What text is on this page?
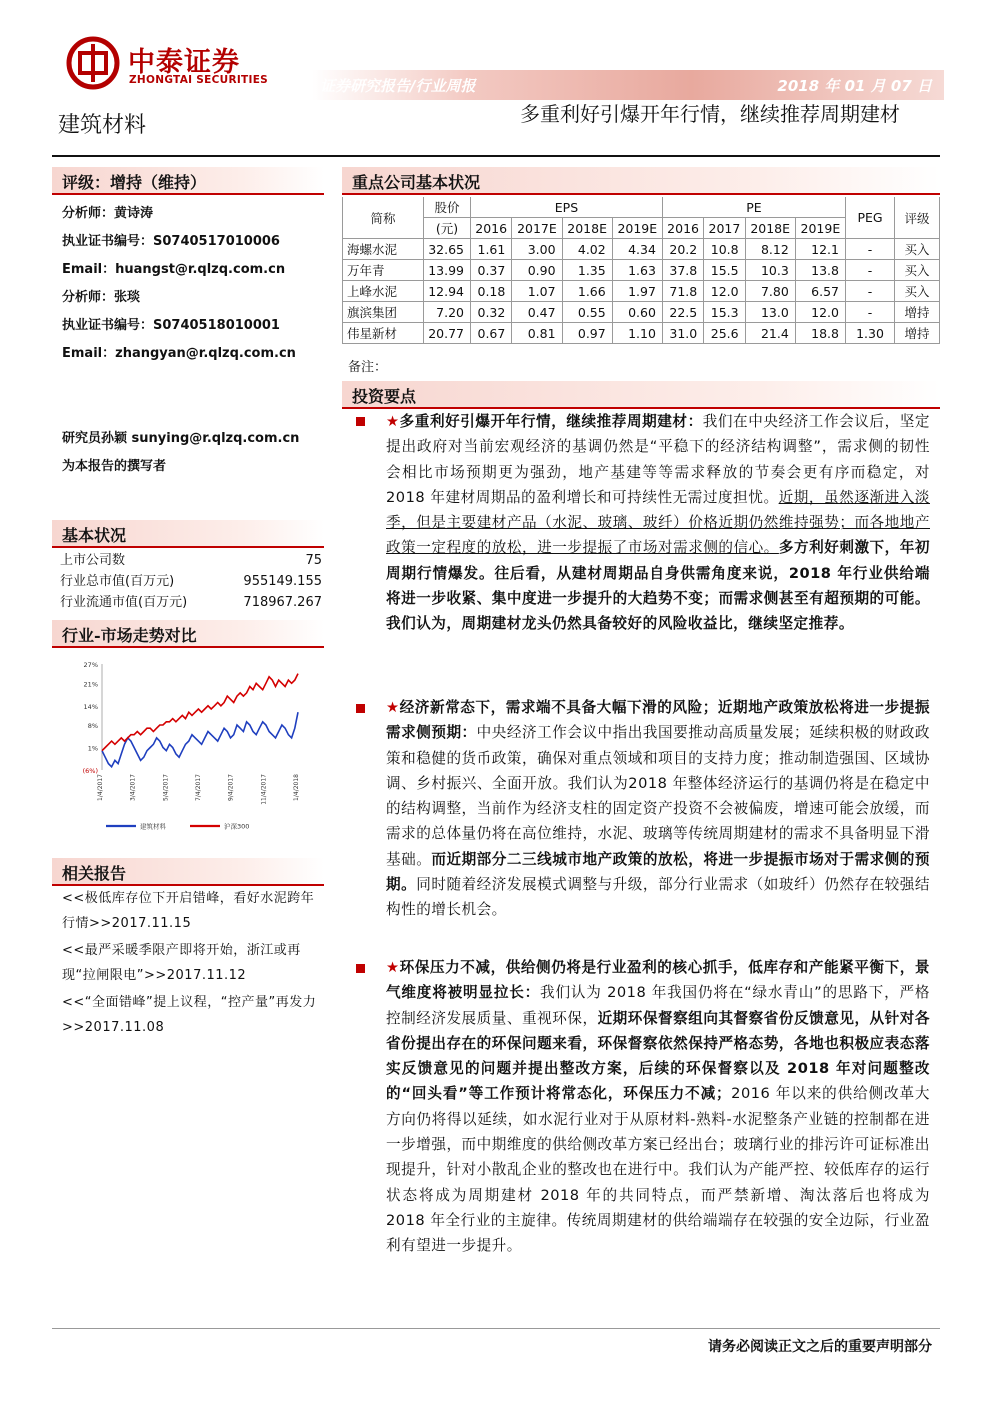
中泰证券
ZHONGTAI SECURITIES	证券研究报告/行业周报	2018 年 01 月 07 日
建筑材料	多重利好引爆开年行情，继续推荐周期建材
评级：增持（维持）
分析师：黄诗涛
执业证书编号：S0740517010006
Email：huangst@r.qlzq.com.cn
分析师：张琰
执业证书编号：S0740518010001
Email：zhangyan@r.qlzq.com.cn
研究员孙颖 sunying@r.qlzq.com.cn
为本报告的撰写者
基本状况
上市公司数	75
行业总市值(百万元)	955149.155
行业流通市值(百万元)	718967.267
行业-市场走势对比
27%
21%
14%
8%
1%
(6%)
1/4/2017	3/4/2017	5/4/2017	7/4/2017	9/4/2017	11/4/2017	1/4/2018
建筑材料	沪深300
相关报告
<<极低库存位下开启错峰，看好水泥跨年行情>>2017.11.15
<<最严采暖季限产即将开始，浙江或再现“拉闸限电”>>2017.11.12
<<“全面错峰”提上议程，“控产量”再发力>>2017.11.08
重点公司基本状况
简称	股价	EPS				PE				PEG	评级
	(元)	2016	2017E	2018E	2019E	2016	2017	2018E	2019E		
海螺水泥	32.65	1.61	3.00	4.02	4.34	20.2	10.8	8.12	12.1	-	买入
万年青	13.99	0.37	0.90	1.35	1.63	37.8	15.5	10.3	13.8	-	买入
上峰水泥	12.94	0.18	1.07	1.66	1.97	71.8	12.0	7.80	6.57	-	买入
旗滨集团	7.20	0.32	0.47	0.55	0.60	22.5	15.3	13.0	12.0	-	增持
伟星新材	20.77	0.67	0.81	0.97	1.10	31.0	25.6	21.4	18.8	1.30	增持
备注：
投资要点
★多重利好引爆开年行情，继续推荐周期建材：我们在中央经济工作会议后，坚定提出政府对当前宏观经济的基调仍然是“平稳下的经济结构调整”，需求侧的韧性会相比市场预期更为强劲，地产基建等等需求释放的节奏会更有序而稳定，对 2018 年建材周期品的盈利增长和可持续性无需过度担忧。近期，虽然逐渐进入淡季，但是主要建材产品（水泥、玻璃、玻纤）价格近期仍然维持强势；而各地地产政策一定程度的放松，进一步提振了市场对需求侧的信心。多方利好刺激下，年初周期行情爆发。往后看，从建材周期品自身供需角度来说，2018 年行业供给端将进一步收紧、集中度进一步提升的大趋势不变；而需求侧甚至有超预期的可能。我们认为，周期建材龙头仍然具备较好的风险收益比，继续坚定推荐。
★经济新常态下，需求端不具备大幅下滑的风险；近期地产政策放松将进一步提振需求侧预期：中央经济工作会议中指出我国要推动高质量发展；延续积极的财政政策和稳健的货币政策，确保对重点领域和项目的支持力度；推动制造强国、区域协调、乡村振兴、全面开放。我们认为2018 年整体经济运行的基调仍将是在稳定中的结构调整，当前作为经济支柱的固定资产投资不会被偏废，增速可能会放缓，而需求的总体量仍将在高位维持，水泥、玻璃等传统周期建材的需求不具备明显下滑基础。而近期部分二三线城市地产政策的放松，将进一步提振市场对于需求侧的预期。同时随着经济发展模式调整与升级，部分行业需求（如玻纤）仍然存在较强结构性的增长机会。
★环保压力不减，供给侧仍将是行业盈利的核心抓手，低库存和产能紧平衡下，景气维度将被明显拉长：我们认为 2018 年我国仍将在“绿水青山”的思路下，严格控制经济发展质量、重视环保，近期环保督察组向其督察省份反馈意见，从针对各省份提出存在的环保问题来看，环保督察依然保持严格态势，各地也积极应表态落实反馈意见的问题并提出整改方案，后续的环保督察以及 2018 年对问题整改的“回头看”等工作预计将常态化，环保压力不减；2016 年以来的供给侧改革大方向仍将得以延续，如水泥行业对于从原材料-熟料-水泥整条产业链的控制都在进一步增强，而中期维度的供给侧改革方案已经出台；玻璃行业的排污许可证标准出现提升，针对小散乱企业的整改也在进行中。我们认为产能严控、较低库存的运行状态将成为周期建材 2018 年的共同特点，而严禁新增、淘汰落后也将成为 2018 年全行业的主旋律。传统周期建材的供给端端存在较强的安全边际，行业盈利有望进一步提升。
请务必阅读正文之后的重要声明部分
